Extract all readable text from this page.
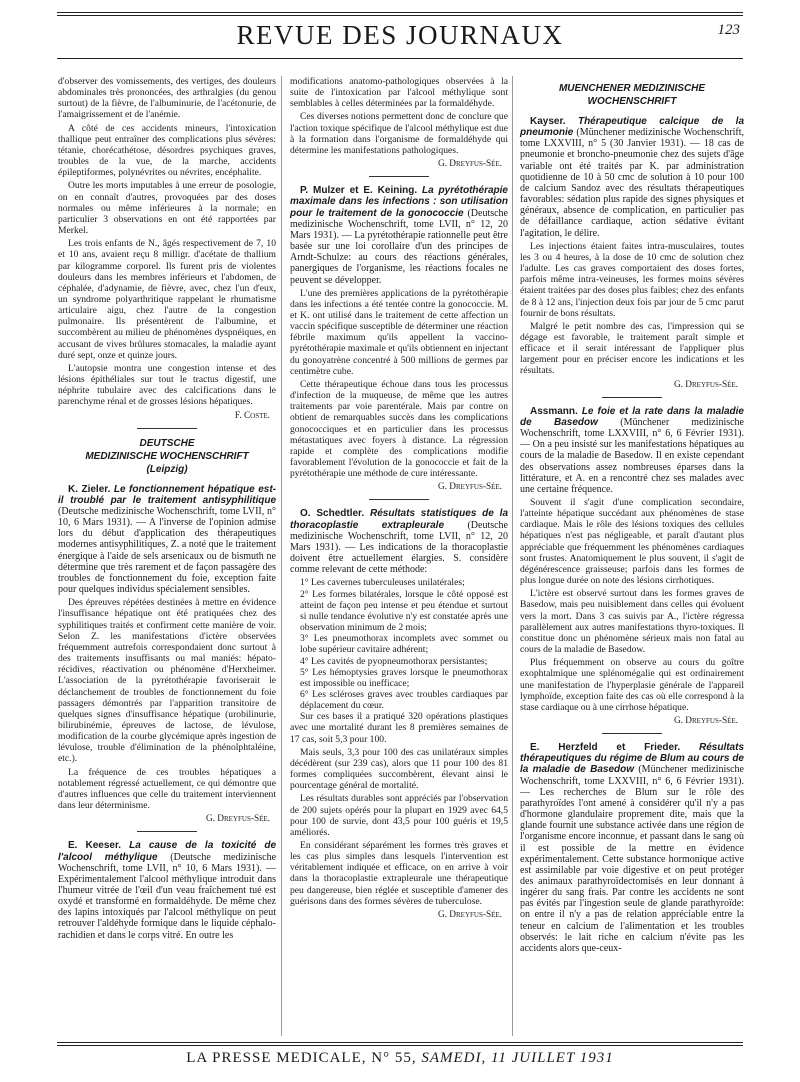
REVUE DES JOURNAUX	123

d'observer des vomissements, des vertiges, des douleurs abdominales très prononcées, des arthralgies (du genou surtout) de la fièvre, de l'albuminurie, de l'acétonurie, de l'amaigrissement et de l'anémie.

A côté de ces accidents mineurs, l'intoxication thallique peut entraîner des complications plus sévères: tétanie, chorécathétose, désordres psychiques graves, troubles de la vue, de la marche, accidents épileptiformes, polynévrites ou névrites, encéphalite.

Outre les morts imputables à une erreur de posologie, on en connaît d'autres, provoquées par des doses normales ou même inférieures à la normale; en particulier 3 observations en ont été rapportées par Merkel.

Les trois enfants de N., âgés respectivement de 7, 10 et 10 ans, avaient reçu 8 milligr. d'acétate de thallium par kilogramme corporel. Ils furent pris de violentes douleurs dans les membres inférieurs et l'abdomen, de céphalée, d'adynamie, de fièvre, avec, chez l'un d'eux, un syndrome polyarthritique rappelant le rhumatisme articulaire aigu, chez l'autre de la congestion pulmonaire. Ils présentèrent de l'albumine, et succombèrent au milieu de phénomènes dyspnéiques, en accusant de vives brûlures stomacales, la maladie ayant duré sept, onze et quinze jours.

L'autopsie montra une congestion intense et des lésions épithéliales sur tout le tractus digestif, une néphrite tubulaire avec des calcifications dans le parenchyme rénal et de grosses lésions hépatiques.

F. Coste.
DEUTSCHE
MEDIZINISCHE WOCHENSCHRIFT
(Leipzig)

K. Zieler. Le fonctionnement hépatique est-il troublé par le traitement antisyphilitique (Deutsche medizinische Wochenschrift, tome LVII, n° 10, 6 Mars 1931). — A l'inverse de l'opinion admise lors du début d'application des thérapeutiques modernes antisyphilitiques, Z. a noté que le traitement énergique à l'aide de sels arsenicaux ou de bismuth ne détermine que très rarement et de façon passagère des troubles de fonctionnement du foie, exception faite pour quelques individus spécialement sensibles.

Des épreuves répétées destinées à mettre en évidence l'insuffisance hépatique ont été pratiquées chez des syphilitiques traités et confirment cette manière de voir. Selon Z. les manifestations d'ictère observées fréquemment autrefois correspondaient donc surtout à des traitements insuffisants ou mal maniés: hépato-récidives, réactivation ou phénomène d'Herxheimer. L'association de la pyrétothérapie favoriserait le déclanchement de troubles de fonctionnement du foie passagers démontrés par l'apparition transitoire de quelques signes d'insuffisance hépatique (urobilinurie, bilirubinémie, épreuves de lactose, de lévulose, modification de la courbe glycémique après ingestion de lévulose, trouble d'élimination de la phénolphtaléine, etc.).

La fréquence de ces troubles hépatiques a notablement régressé actuellement, ce qui démontre que d'autres influences que celle du traitement interviennent dans leur déterminisme.

G. Dreyfus-Sée.

E. Keeser. La cause de la toxicité de l'alcool méthylique (Deutsche medizinische Wochenschrift, tome LVII, n° 10, 6 Mars 1931). — Expérimentalement l'alcool méthylique introduit dans l'humeur vitrée de l'œil d'un veau fraîchement tué est oxydé et transformé en formaldéhyde. De même chez des lapins intoxiqués par l'alcool méthylique on peut retrouver l'aldéhyde formique dans le liquide céphalo-rachidien et dans le corps vitré. En outre les

modifications anatomo-pathologiques observées à la suite de l'intoxication par l'alcool méthylique sont semblables à celles déterminées par la formaldéhyde.

Ces diverses notions permettent donc de conclure que l'action toxique spécifique de l'alcool méthylique est due à la formation dans l'organisme de formaldéhyde qui détermine les manifestations pathologiques.

G. Dreyfus-Sée.

P. Mulzer et E. Keining. La pyrétothérapie maximale dans les infections : son utilisation pour le traitement de la gonococcie (Deutsche medizinische Wochenschrift, tome LVII, n° 12, 20 Mars 1931). — La pyrétothérapie rationnelle peut être basée sur une loi corollaire d'un des principes de Arndt-Schulze: au cours des réactions générales, panergiques de l'organisme, les réactions focales ne peuvent se développer.

L'une des premières applications de la pyrétothérapie dans les infections a été tentée contre la gonococcie. M. et K. ont utilisé dans le traitement de cette affection un vaccin spécifique susceptible de déterminer une réaction fébrile maximum qu'ils appellent la vaccino-pyrétothérapie maximale et qu'ils obtiennent en injectant du gonoyatrène concentré à 500 millions de germes par centimètre cube.

Cette thérapeutique échoue dans tous les processus d'infection de la muqueuse, de même que les autres traitements par voie parentérale. Mais par contre on obtient de remarquables succès dans les complications gonococciques et en particulier dans les processus métastatiques avec foyers à distance. La régression rapide et complète des complications modifie favorablement l'évolution de la gonococcie et fait de la pyrétothérapie une méthode de cure intéressante.

G. Dreyfus-Sée.

O. Schedtler. Résultats statistiques de la thoracoplastie extrapleurale (Deutsche medizinische Wochenschrift, tome LVII, n° 12, 20 Mars 1931). — Les indications de la thoracoplastie doivent être actuellement élargies. S. considère comme relevant de cette méthode:

1° Les cavernes tuberculeuses unilatérales;
2° Les formes bilatérales, lorsque le côté opposé est atteint de façon peu intense et peu étendue et surtout si nulle tendance évolutive n'y est constatée après une observation minimum de 2 mois;
3° Les pneumothorax incomplets avec sommet ou lobe supérieur cavitaire adhérent;
4° Les cavités de pyopneumothorax persistantes;
5° Les hémoptysies graves lorsque le pneumothorax est impossible ou inefficace;
6° Les scléroses graves avec troubles cardiaques par déplacement du cœur.

Sur ces bases il a pratiqué 320 opérations plastiques avec une mortalité durant les 8 premières semaines de 17 cas, soit 5,3 pour 100.

Mais seuls, 3,3 pour 100 des cas unilatéraux simples décédèrent (sur 239 cas), alors que 11 pour 100 des 81 formes compliquées succombèrent, élevant ainsi le pourcentage général de mortalité.

Les résultats durables sont appréciés par l'observation de 200 sujets opérés pour la plupart en 1929 avec 64,5 pour 100 de survie, dont 43,5 pour 100 guéris et 19,5 améliorés.

En considérant séparément les formes très graves et les cas plus simples dans lesquels l'intervention est véritablement indiquée et efficace, on en arrive à voir dans la thoracoplastie extrapleurale une thérapeutique peu dangereuse, bien réglée et susceptible d'amener des guérisons dans des formes sévères de tuberculose.

G. Dreyfus-Sée.
MUENCHENER MEDIZINISCHE
WOCHENSCHRIFT

Kayser. Thérapeutique calcique de la pneumonie (Münchener medizinische Wochenschrift, tome LXXVIII, n° 5 (30 Janvier 1931). — 18 cas de pneumonie et broncho-pneumonie chez des sujets d'âge variable ont été traités par K. par administration quotidienne de 10 à 50 cmc de solution à 10 pour 100 de calcium Sandoz avec des résultats thérapeutiques favorables: sédation plus rapide des signes physiques et généraux, absence de complication, en particulier pas de défaillance cardiaque, action sédative évitant l'agitation, le délire.

Les injections étaient faites intra-musculaires, toutes les 3 ou 4 heures, à la dose de 10 cmc de solution chez l'adulte. Les cas graves comportaient des doses fortes, parfois même intra-veineuses, les formes moins sévères étaient traitées par des doses plus faibles; chez des enfants de 8 à 12 ans, l'injection deux fois par jour de 5 cmc parut fournir de bons résultats.

Malgré le petit nombre des cas, l'impression qui se dégage est favorable, le traitement paraît simple et efficace et il serait intéressant de l'appliquer plus largement pour en préciser encore les indications et les résultats.

G. Dreyfus-Sée.

Assmann. Le foie et la rate dans la maladie de Basedow (Münchener medizinische Wochenschrift, tome LXXVIII, n° 6, 6 Février 1931). — On a peu insisté sur les manifestations hépatiques au cours de la maladie de Basedow. Il en existe cependant des observations assez nombreuses éparses dans la littérature, et A. en a rencontré chez ses malades avec une certaine fréquence.

Souvent il s'agit d'une complication secondaire, l'atteinte hépatique succédant aux phénomènes de stase cardiaque. Mais le rôle des lésions toxiques des cellules hépatiques n'est pas négligeable, et paraît d'autant plus appréciable que fréquemment les phénomènes cardiaques sont frustes. Anatomiquement le plus souvent, il s'agit de dégénérescence graisseuse; parfois dans les formes de plus longue durée on note des lésions cirrhotiques.

L'ictère est observé surtout dans les formes graves de Basedow, mais peu nuisiblement dans celles qui évoluent vers la mort. Dans 3 cas suivis par A., l'ictère régressa parallèlement aux autres manifestations thyro-toxiques. Il constitue donc un phénomène sérieux mais non fatal au cours de la maladie de Basedow.

Plus fréquemment on observe au cours du goître exophtalmique une splénomégalie qui est ordinairement une manifestation de l'hyperplasie générale de l'appareil lymphoïde, exception faite des cas où elle correspond à la stase cardiaque ou à une cirrhose hépatique.

G. Dreyfus-Sée.

E. Herzfeld et Frieder. Résultats thérapeutiques du régime de Blum au cours de la maladie de Basedow (Münchener medizinische Wochenschrift, tome LXXVIII, n° 6, 6 Février 1931). — Les recherches de Blum sur le rôle des parathyroïdes l'ont amené à considérer qu'il n'y a pas d'hormone glandulaire proprement dite, mais que la glande fournit une substance activée dans une région de l'organisme encore inconnue, et passant dans le sang où il est possible de la mettre en évidence expérimentalement. Cette substance hormonique active est assimilable par voie digestive et on peut protéger des animaux parathyroïdectomisés en leur donnant à ingérer du sang frais. Par contre les accidents ne sont pas évités par l'ingestion seule de glande parathyroïde: on entre il n'y a pas de relation appréciable entre la teneur en calcium de l'alimentation et les troubles observés: le lait riche en calcium n'évite pas les accidents alors que-ceux-

LA PRESSE MEDICALE, N° 55, SAMEDI, 11 JUILLET 1931
